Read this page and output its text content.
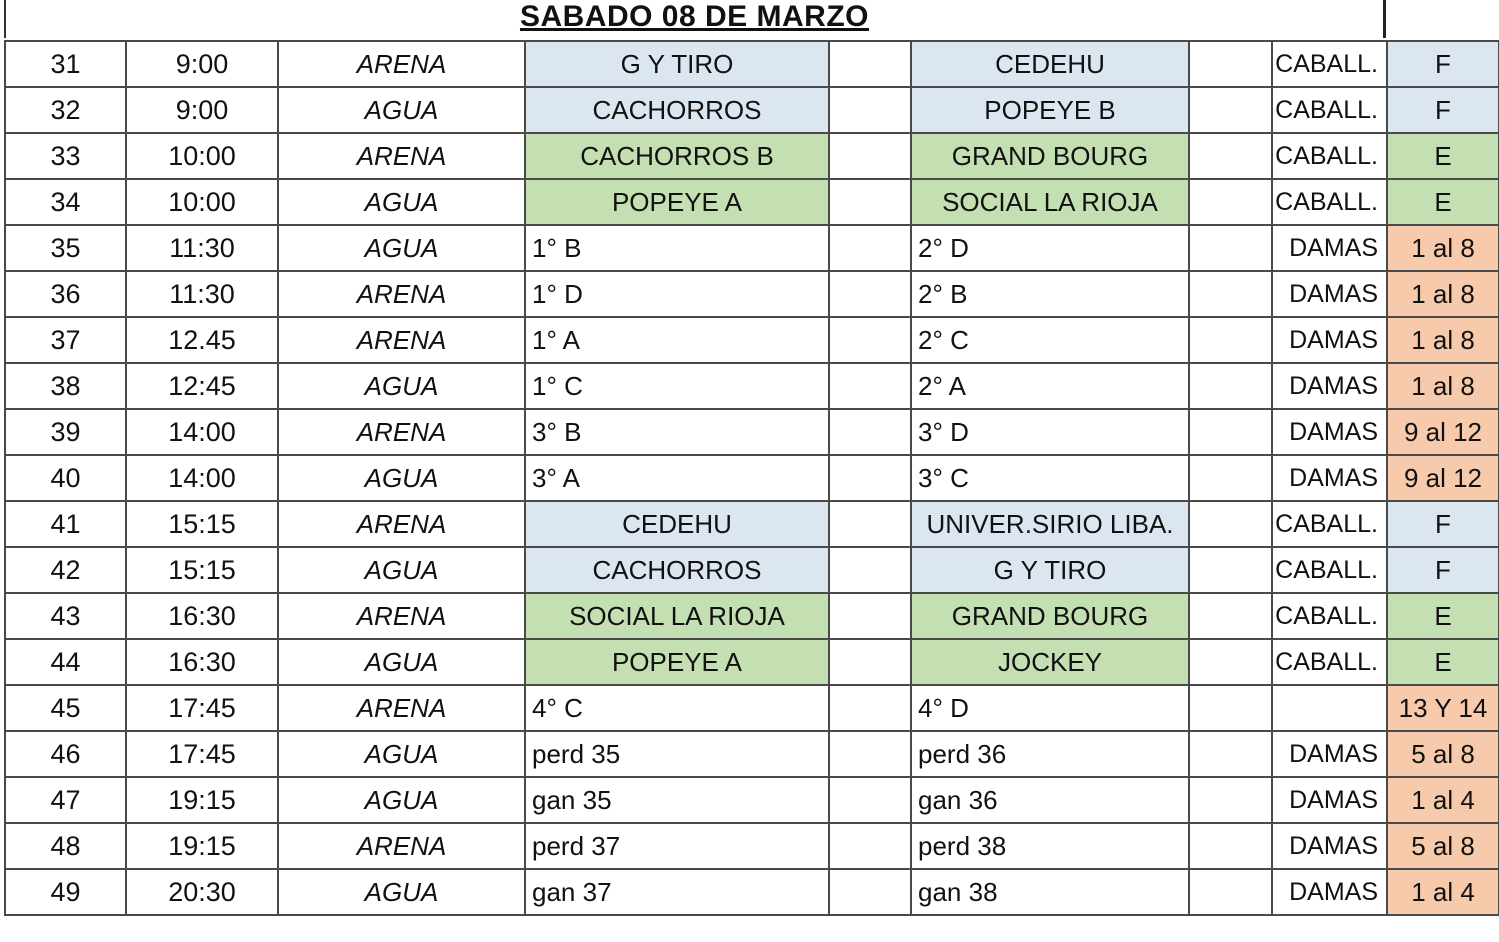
SABADO 08 DE MARZO
31	9:00	ARENA	G Y TIRO		CEDEHU		CABALL.	F
32	9:00	AGUA	CACHORROS		POPEYE B		CABALL.	F
33	10:00	ARENA	CACHORROS B		GRAND BOURG		CABALL.	E
34	10:00	AGUA	POPEYE A		SOCIAL LA RIOJA		CABALL.	E
35	11:30	AGUA	1° B		2° D		DAMAS	1 al 8
36	11:30	ARENA	1° D		2° B		DAMAS	1 al 8
37	12.45	ARENA	1° A		2° C		DAMAS	1 al 8
38	12:45	AGUA	1° C		2° A		DAMAS	1 al 8
39	14:00	ARENA	3° B		3° D		DAMAS	9 al 12
40	14:00	AGUA	3° A		3° C		DAMAS	9 al 12
41	15:15	ARENA	CEDEHU		UNIVER.SIRIO LIBA.		CABALL.	F
42	15:15	AGUA	CACHORROS		G Y TIRO		CABALL.	F
43	16:30	ARENA	SOCIAL LA RIOJA		GRAND BOURG		CABALL.	E
44	16:30	AGUA	POPEYE A		JOCKEY		CABALL.	E
45	17:45	ARENA	4° C		4° D			13 Y 14
46	17:45	AGUA	perd 35		perd 36		DAMAS	5 al 8
47	19:15	AGUA	gan 35		gan 36		DAMAS	1 al 4
48	19:15	ARENA	perd 37		perd 38		DAMAS	5 al 8
49	20:30	AGUA	gan 37		gan 38		DAMAS	1 al 4
